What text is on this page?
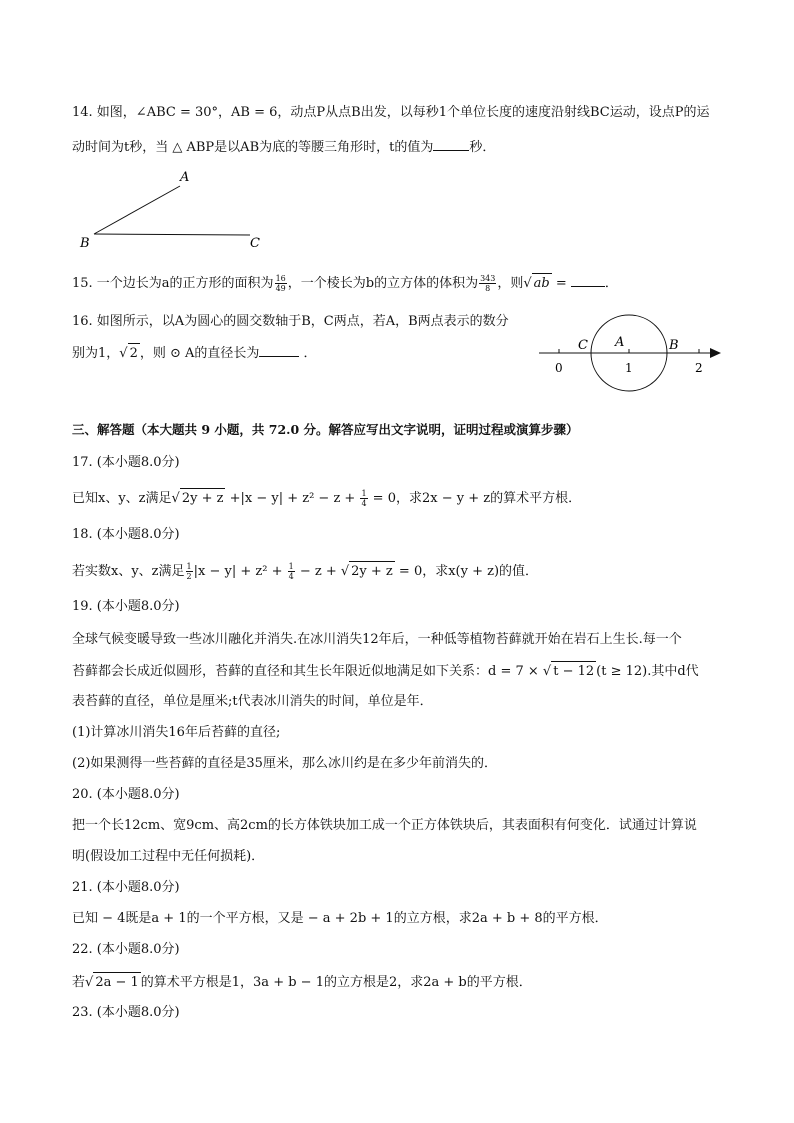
14. 如图，∠ABC = 30°，AB = 6，动点P从点B出发，以每秒1个单位长度的速度沿射线BC运动，设点P的运
动时间为t秒，当 △ ABP是以AB为底的等腰三角形时，t的值为	秒．
A
B	C
15. 一个边长为a的正方形的面积为 $\frac{16}{49}$ ，一个棱长为b的立方体的体积为 $\frac{343}{8}$ ，则√ ab =	．
16. 如图所示，以A为圆心的圆交数轴于B，C两点，若A，B两点表示的数分
别为1，√ 2 ，则 ⊙ A的直径长为	．
C A	B
0	1	2
三、解答题（本大题共 9 小题，共 72.0 分。解答应写出文字说明，证明过程或演算步骤）
17. (本小题8.0分)
已知x、y、z满足√ $2y + z +|x - y| + z^2 - z + \frac{1}{4} = 0$，求2x − y + z的算术平方根．
18. (本小题8.0分)
若实数x、y、z满足 $\frac{1}{2} |x - y| + z^2 + \frac{1}{4} - z$ + √ 2y + z = 0，求x(y + z)的值．
19. (本小题8.0分)
全球气候变暖导致一些冰川融化并消失.在冰川消失12年后，一种低等植物苔藓就开始在岩石上生长.每一个
苔藓都会长成近似圆形，苔藓的直径和其生长年限近似地满足如下关系：d = 7 × √ t − 12 (t ≥ 12).其中d代
表苔藓的直径，单位是厘米;t代表冰川消失的时间，单位是年．
(1)计算冰川消失16年后苔藓的直径;
(2)如果测得一些苔藓的直径是35厘米，那么冰川约是在多少年前消失的．
20. (本小题8.0分)
把一个长12cm、宽9cm、高2cm的长方体铁块加工成一个正方体铁块后，其表面积有何变化．试通过计算说
明(假设加工过程中无任何损耗)．
21. (本小题8.0分)
已知 − 4既是a + 1的一个平方根，又是 − a + 2b + 1的立方根，求2a + b + 8的平方根．
22. (本小题8.0分)
若√ 2a − 1 的算术平方根是1，3a + b − 1的立方根是2，求2a + b的平方根．
23. (本小题8.0分)
